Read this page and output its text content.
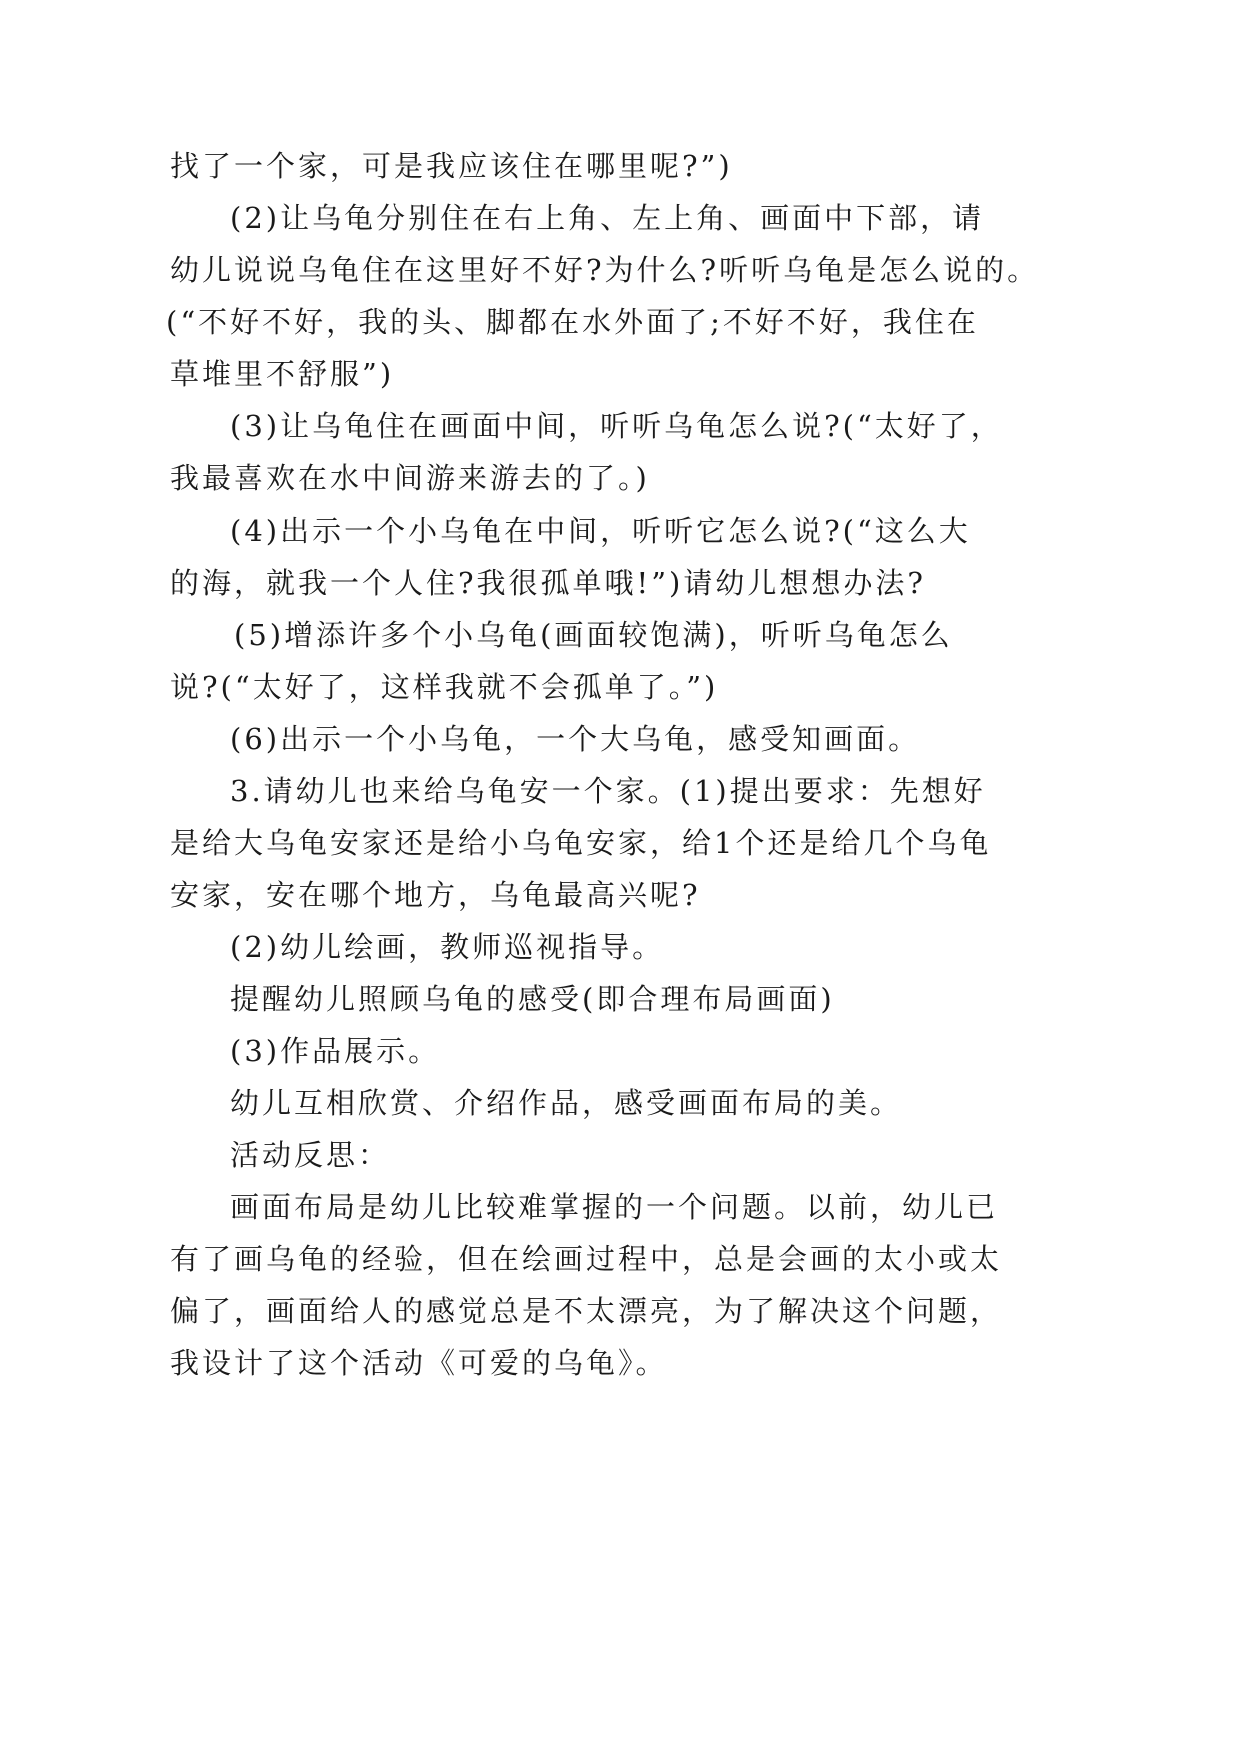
找了一个家，可是我应该住在哪里呢?”)
(2)让乌龟分别住在右上角、左上角、画面中下部，请
幼儿说说乌龟住在这里好不好?为什么?听听乌龟是怎么说的。
(“不好不好，我的头、脚都在水外面了;不好不好，我住在
草堆里不舒服”)
(3)让乌龟住在画面中间，听听乌龟怎么说?(“太好了，
我最喜欢在水中间游来游去的了。)
(4)出示一个小乌龟在中间，听听它怎么说?(“这么大
的海，就我一个人住?我很孤单哦!”)请幼儿想想办法?
(5)增添许多个小乌龟(画面较饱满)，听听乌龟怎么
说?(“太好了，这样我就不会孤单了。”)
(6)出示一个小乌龟，一个大乌龟，感受知画面。
3.请幼儿也来给乌龟安一个家。(1)提出要求：先想好
是给大乌龟安家还是给小乌龟安家，给1个还是给几个乌龟
安家，安在哪个地方，乌龟最高兴呢?
(2)幼儿绘画，教师巡视指导。
提醒幼儿照顾乌龟的感受(即合理布局画面)
(3)作品展示。
幼儿互相欣赏、介绍作品，感受画面布局的美。
活动反思：
画面布局是幼儿比较难掌握的一个问题。以前，幼儿已
有了画乌龟的经验，但在绘画过程中，总是会画的太小或太
偏了，画面给人的感觉总是不太漂亮，为了解决这个问题，
我设计了这个活动《可爱的乌龟》。
